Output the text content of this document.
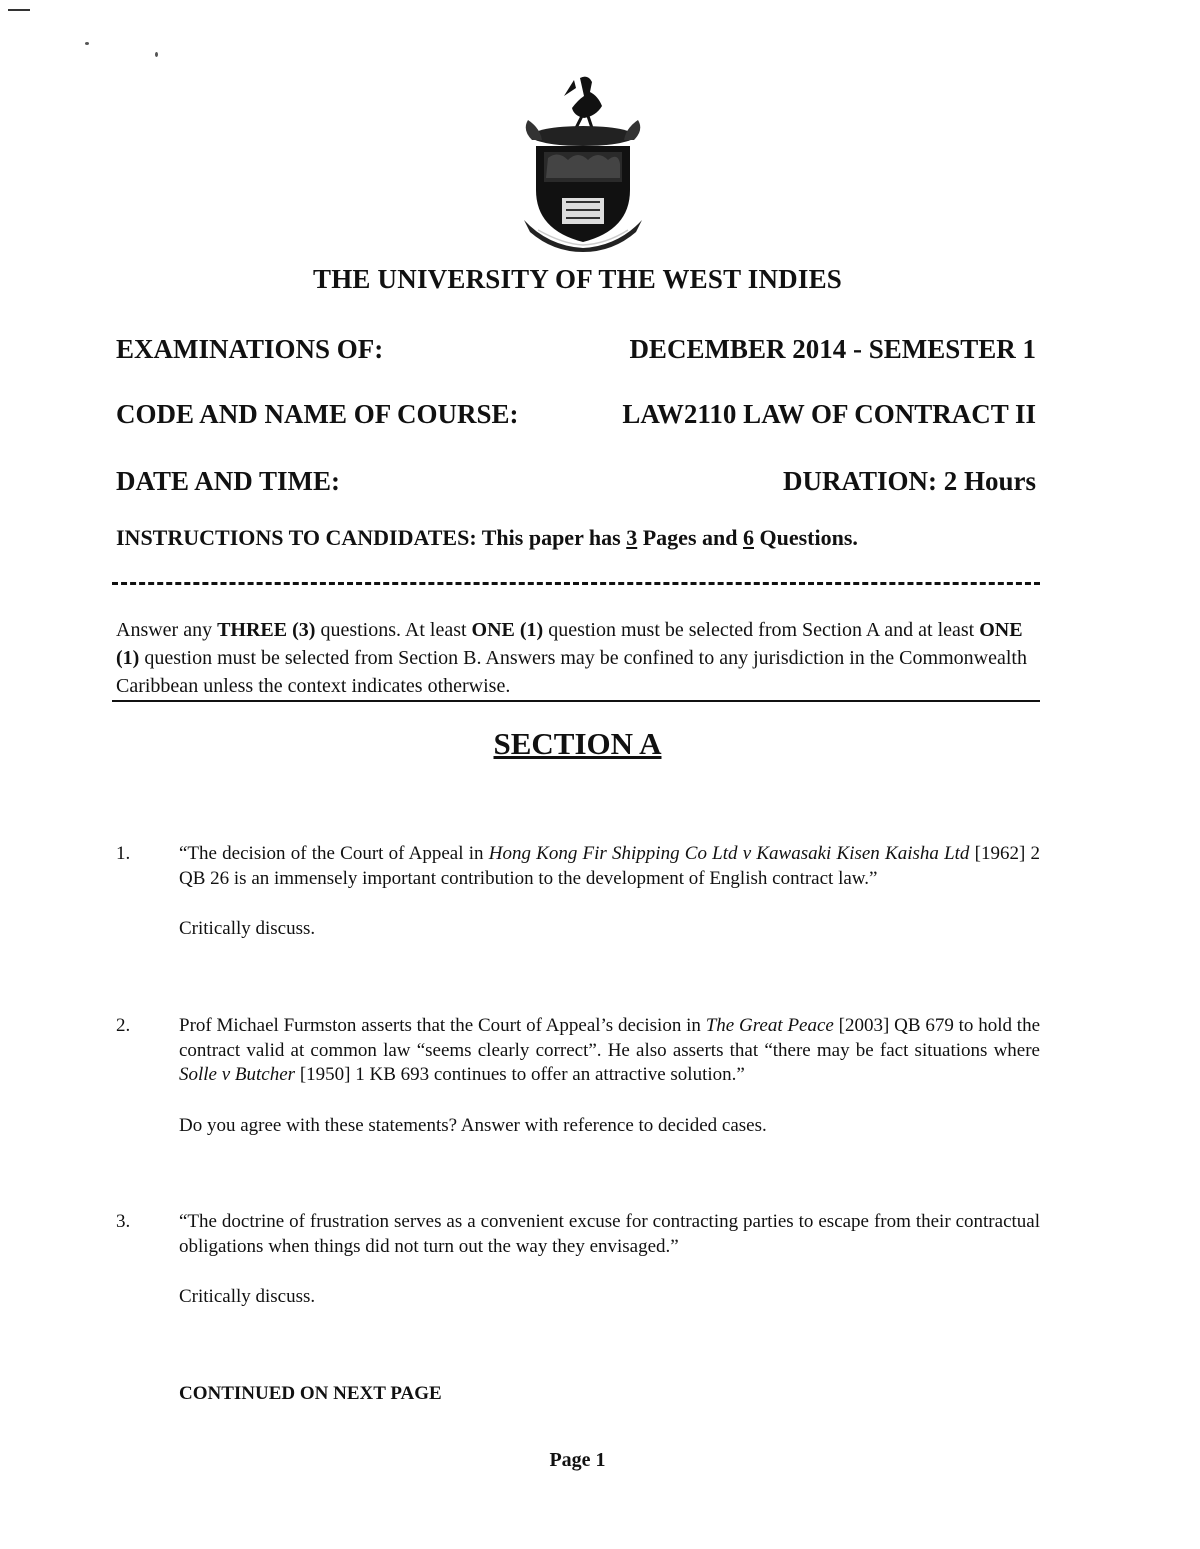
THE UNIVERSITY OF THE WEST INDIES
EXAMINATIONS OF:	DECEMBER 2014 - SEMESTER 1
CODE AND NAME OF COURSE:	LAW2110 LAW OF CONTRACT II
DATE AND TIME:	DURATION: 2 Hours
INSTRUCTIONS TO CANDIDATES: This paper has 3 Pages and 6 Questions.
Answer any THREE (3) questions. At least ONE (1) question must be selected from Section A and at least ONE (1) question must be selected from Section B. Answers may be confined to any jurisdiction in the Commonwealth Caribbean unless the context indicates otherwise.
SECTION A
1.	“The decision of the Court of Appeal in Hong Kong Fir Shipping Co Ltd v Kawasaki Kisen Kaisha Ltd [1962] 2 QB 26 is an immensely important contribution to the development of English contract law.”
Critically discuss.
2.	Prof Michael Furmston asserts that the Court of Appeal’s decision in The Great Peace [2003] QB 679 to hold the contract valid at common law “seems clearly correct”. He also asserts that “there may be fact situations where Solle v Butcher [1950] 1 KB 693 continues to offer an attractive solution.”
Do you agree with these statements? Answer with reference to decided cases.
3.	“The doctrine of frustration serves as a convenient excuse for contracting parties to escape from their contractual obligations when things did not turn out the way they envisaged.”
Critically discuss.
CONTINUED ON NEXT PAGE
Page 1
